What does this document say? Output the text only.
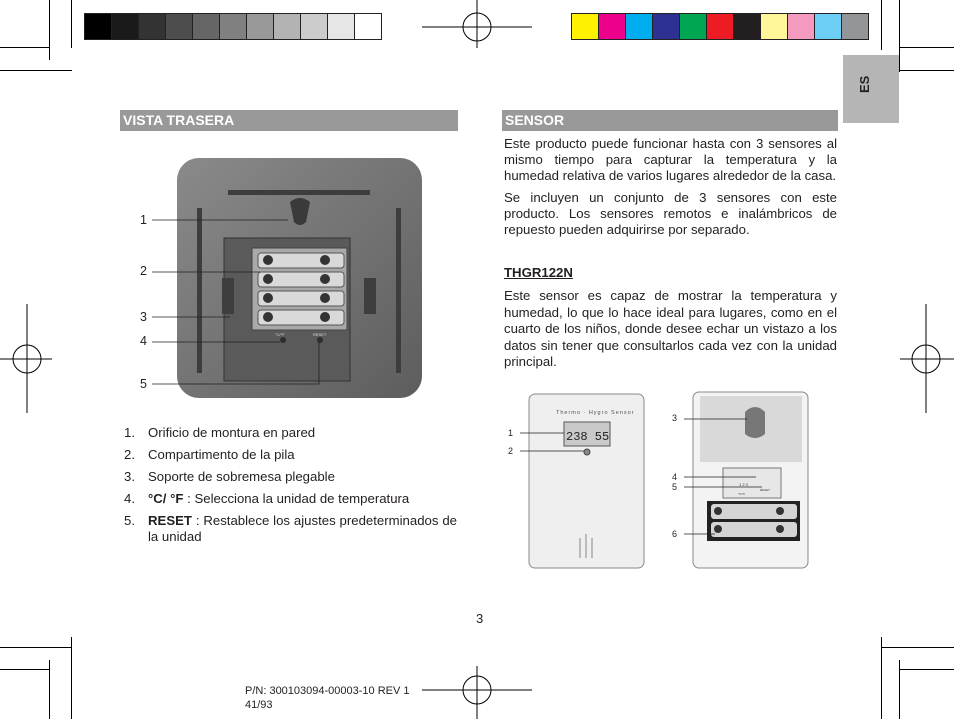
ES
VISTA TRASERA
°C/°F	RESET
1
2
3
4
5
1. Orificio de montura en pared
2. Compartimento de la pila
3. Soporte de sobremesa plegable
4. °C/ °F : Selecciona la unidad de temperatura
5. RESET : Restablece los ajustes predeterminados de la unidad
SENSOR
Este producto puede funcionar hasta con 3 sensores al mismo tiempo para capturar la temperatura y la humedad relativa de varios lugares alrededor de la casa.
Se incluyen un conjunto de 3 sensores con este producto. Los sensores remotos e inalámbricos de repuesto pueden adquirirse por separado.
THGR122N
Este sensor es capaz de mostrar la temperatura y humedad, lo que lo hace ideal para lugares, como en el cuarto de los niños, donde desee echar un vistazo a los datos sin tener que consultarlos cada vez con la unidad principal.
Thermo · Hygro Sensor
238 55
1 2 3
°C/°F
RESET
1
2
3
4
5
6
3
P/N: 300103094-00003-10 REV 1
41/93
